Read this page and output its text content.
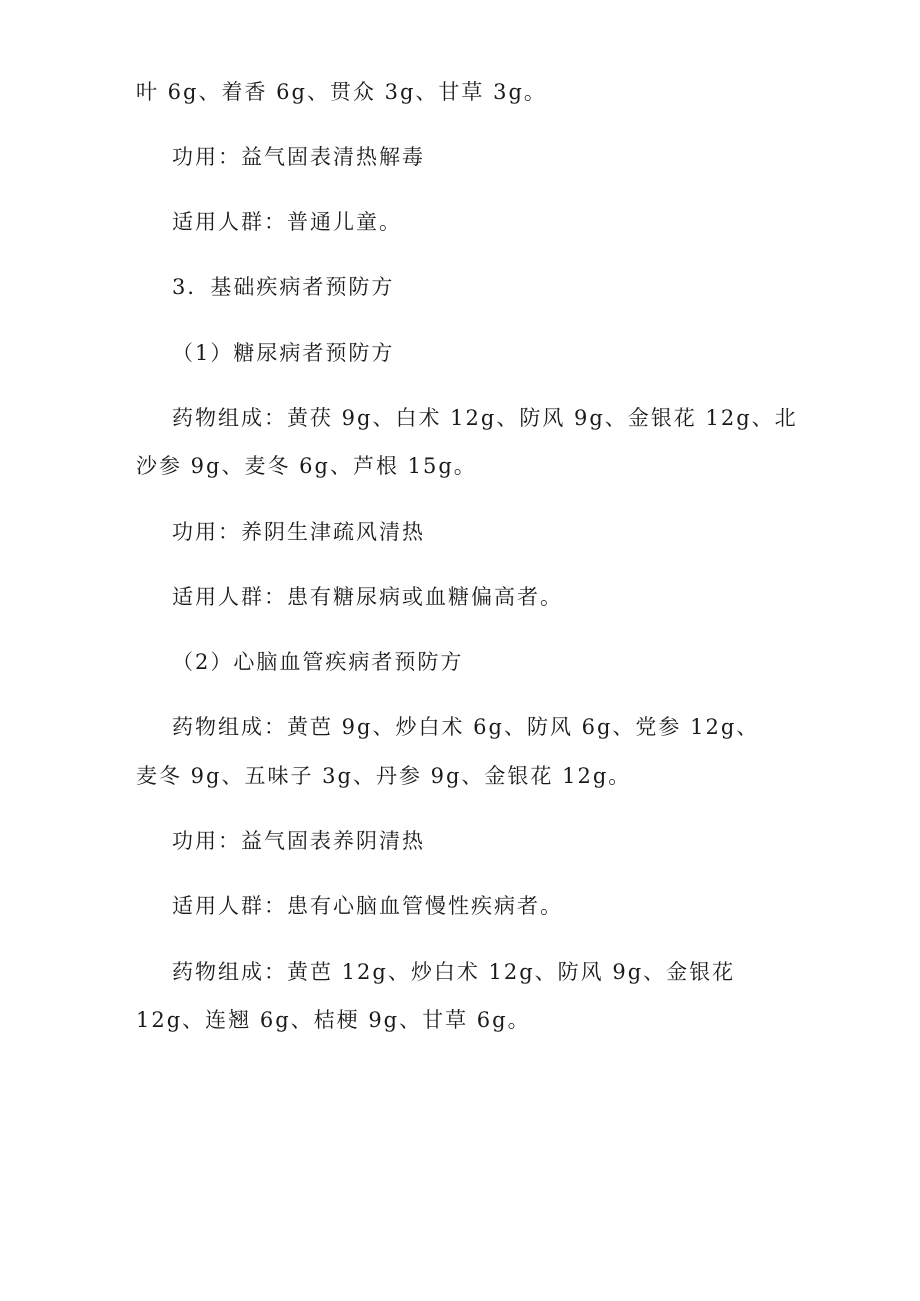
叶 6g、着香 6g、贯众 3g、甘草 3g。
功用：益气固表清热解毒
适用人群：普通儿童。
3．基础疾病者预防方
（1）糖尿病者预防方
药物组成：黄茯 9g、白术 12g、防风 9g、金银花 12g、北
沙参 9g、麦冬 6g、芦根 15g。
功用：养阴生津疏风清热
适用人群：患有糖尿病或血糖偏高者。
（2）心脑血管疾病者预防方
药物组成：黄芭 9g、炒白术 6g、防风 6g、党参 12g、
麦冬 9g、五味子 3g、丹参 9g、金银花 12g。
功用：益气固表养阴清热
适用人群：患有心脑血管慢性疾病者。
药物组成：黄芭 12g、炒白术 12g、防风 9g、金银花
12g、连翘 6g、桔梗 9g、甘草 6g。
